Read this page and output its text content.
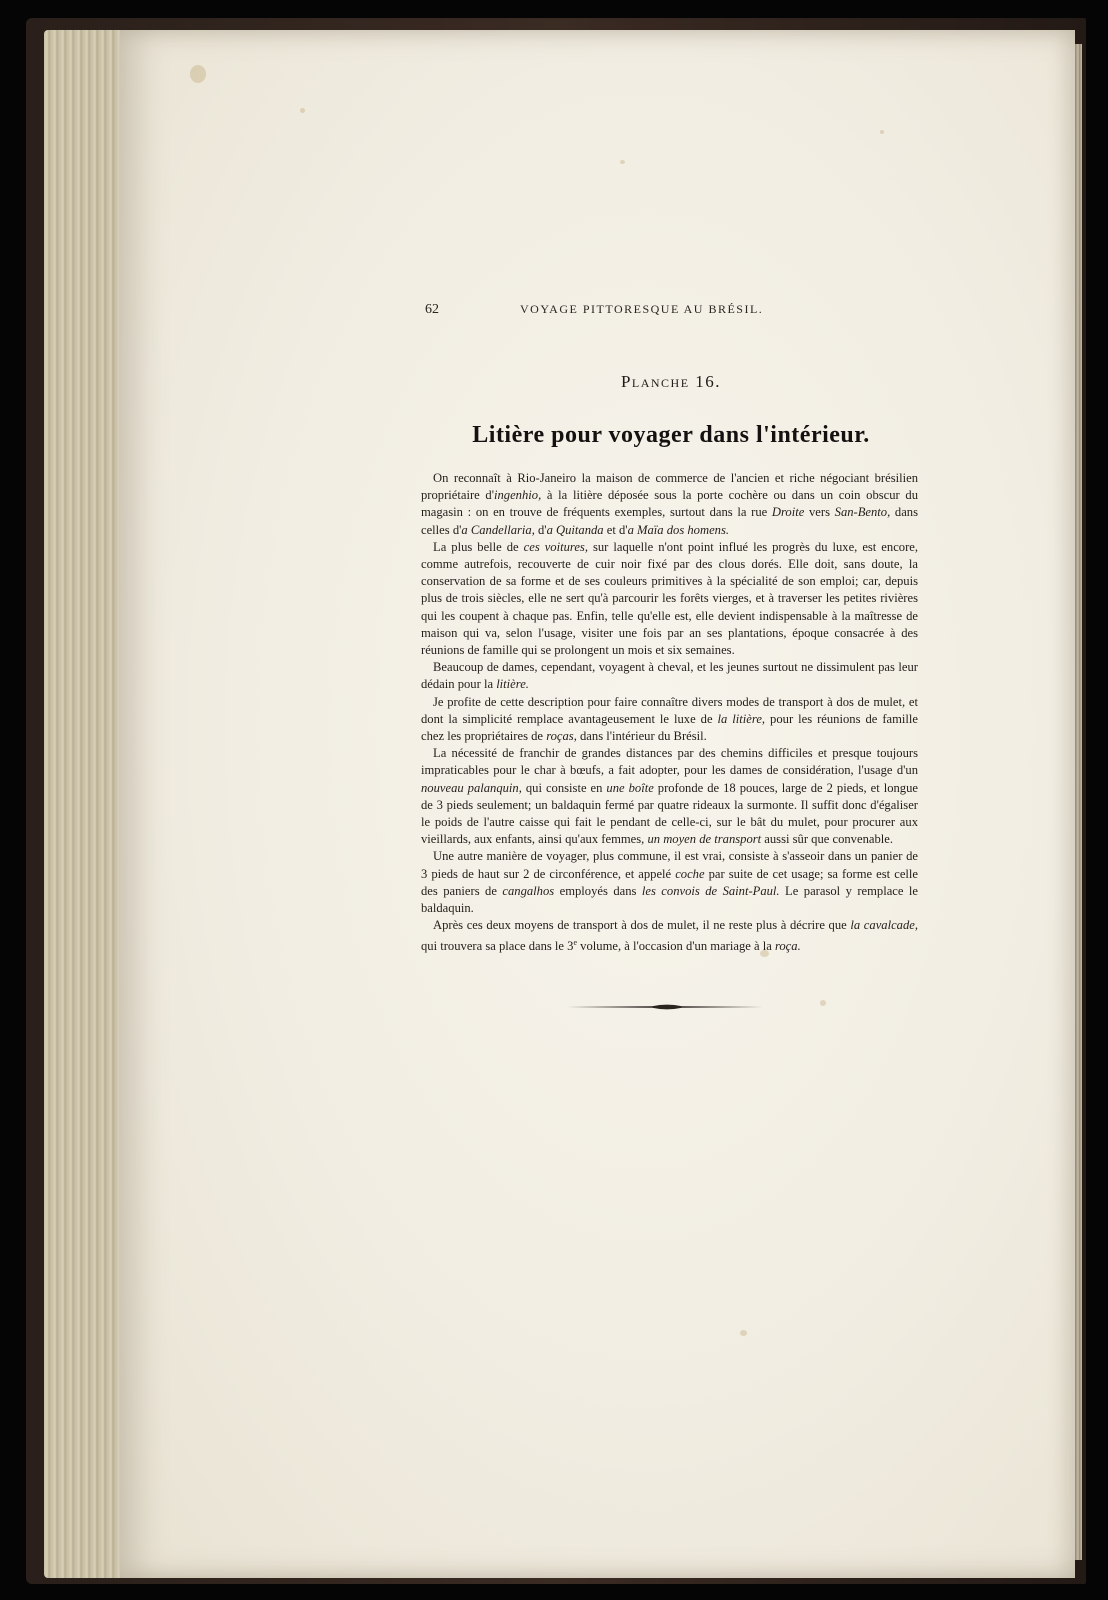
62	VOYAGE PITTORESQUE AU BRÉSIL.
Planche 16.
Litière pour voyager dans l'intérieur.

On reconnaît à Rio-Janeiro la maison de commerce de l'ancien et riche négociant brésilien propriétaire d'ingenhio, à la litière déposée sous la porte cochère ou dans un coin obscur du magasin : on en trouve de fréquents exemples, surtout dans la rue Droite vers San-Bento, dans celles d'a Candellaria, d'a Quitanda et d'a Maïa dos homens.

La plus belle de ces voitures, sur laquelle n'ont point influé les progrès du luxe, est encore, comme autrefois, recouverte de cuir noir fixé par des clous dorés. Elle doit, sans doute, la conservation de sa forme et de ses couleurs primitives à la spécialité de son emploi; car, depuis plus de trois siècles, elle ne sert qu'à parcourir les forêts vierges, et à traverser les petites rivières qui les coupent à chaque pas. Enfin, telle qu'elle est, elle devient indispensable à la maîtresse de maison qui va, selon l'usage, visiter une fois par an ses plantations, époque consacrée à des réunions de famille qui se prolongent un mois et six semaines.

Beaucoup de dames, cependant, voyagent à cheval, et les jeunes surtout ne dissimulent pas leur dédain pour la litière.

Je profite de cette description pour faire connaître divers modes de transport à dos de mulet, et dont la simplicité remplace avantageusement le luxe de la litière, pour les réunions de famille chez les propriétaires de roças, dans l'intérieur du Brésil.

La nécessité de franchir de grandes distances par des chemins difficiles et presque toujours impraticables pour le char à bœufs, a fait adopter, pour les dames de considération, l'usage d'un nouveau palanquin, qui consiste en une boîte profonde de 18 pouces, large de 2 pieds, et longue de 3 pieds seulement; un baldaquin fermé par quatre rideaux la surmonte. Il suffit donc d'égaliser le poids de l'autre caisse qui fait le pendant de celle-ci, sur le bât du mulet, pour procurer aux vieillards, aux enfants, ainsi qu'aux femmes, un moyen de transport aussi sûr que convenable.

Une autre manière de voyager, plus commune, il est vrai, consiste à s'asseoir dans un panier de 3 pieds de haut sur 2 de circonférence, et appelé coche par suite de cet usage; sa forme est celle des paniers de cangalhos employés dans les convois de Saint-Paul. Le parasol y remplace le baldaquin.

Après ces deux moyens de transport à dos de mulet, il ne reste plus à décrire que la cavalcade, qui trouvera sa place dans le 3e volume, à l'occasion d'un mariage à la roça.
